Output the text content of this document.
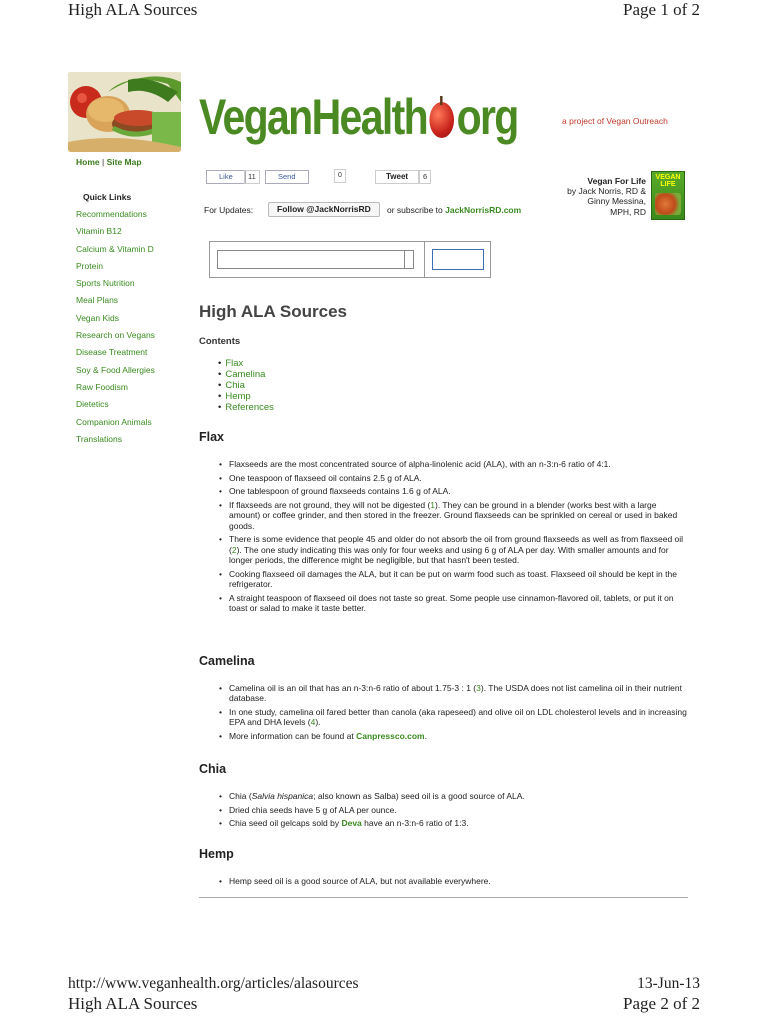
High ALA Sources	Page 1 of 2
VeganHealth org	a project of Vegan Outreach
Home | Site Map
Quick Links
Recommendations
Vitamin B12
Calcium & Vitamin D
Protein
Sports Nutrition
Meal Plans
Vegan Kids
Research on Vegans
Disease Treatment
Soy & Food Allergies
Raw Foodism
Dietetics
Companion Animals
Translations
Like	11	Send	0	Tweet	6
For Updates:	Follow @JackNorrisRD	or subscribe to JackNorrisRD.com
Vegan For Life
by Jack Norris, RD &
Ginny Messina,
MPH, RD
VEGAN
LIFE
High ALA Sources
Contents
• Flax
• Camelina
• Chia
• Hemp
• References
Flax
• Flaxseeds are the most concentrated source of alpha-linolenic acid (ALA), with an n-3:n-6 ratio of 4:1.
• One teaspoon of flaxseed oil contains 2.5 g of ALA.
• One tablespoon of ground flaxseeds contains 1.6 g of ALA.
• If flaxseeds are not ground, they will not be digested (1). They can be ground in a blender (works best with a large amount) or coffee grinder, and then stored in the freezer. Ground flaxseeds can be sprinkled on cereal or used in baked goods.
• There is some evidence that people 45 and older do not absorb the oil from ground flaxseeds as well as from flaxseed oil (2). The one study indicating this was only for four weeks and using 6 g of ALA per day. With smaller amounts and for longer periods, the difference might be negligible, but that hasn't been tested.
• Cooking flaxseed oil damages the ALA, but it can be put on warm food such as toast. Flaxseed oil should be kept in the refrigerator.
• A straight teaspoon of flaxseed oil does not taste so great. Some people use cinnamon-flavored oil, tablets, or put it on toast or salad to make it taste better.
Camelina
• Camelina oil is an oil that has an n-3:n-6 ratio of about 1.75-3 : 1 (3). The USDA does not list camelina oil in their nutrient database.
• In one study, camelina oil fared better than canola (aka rapeseed) and olive oil on LDL cholesterol levels and in increasing EPA and DHA levels (4).
• More information can be found at Canpressco.com.
Chia
• Chia (Salvia hispanica; also known as Salba) seed oil is a good source of ALA.
• Dried chia seeds have 5 g of ALA per ounce.
• Chia seed oil gelcaps sold by Deva have an n-3:n-6 ratio of 1:3.
Hemp
• Hemp seed oil is a good source of ALA, but not available everywhere.
http://www.veganhealth.org/articles/alasources	13-Jun-13
High ALA Sources	Page 2 of 2
